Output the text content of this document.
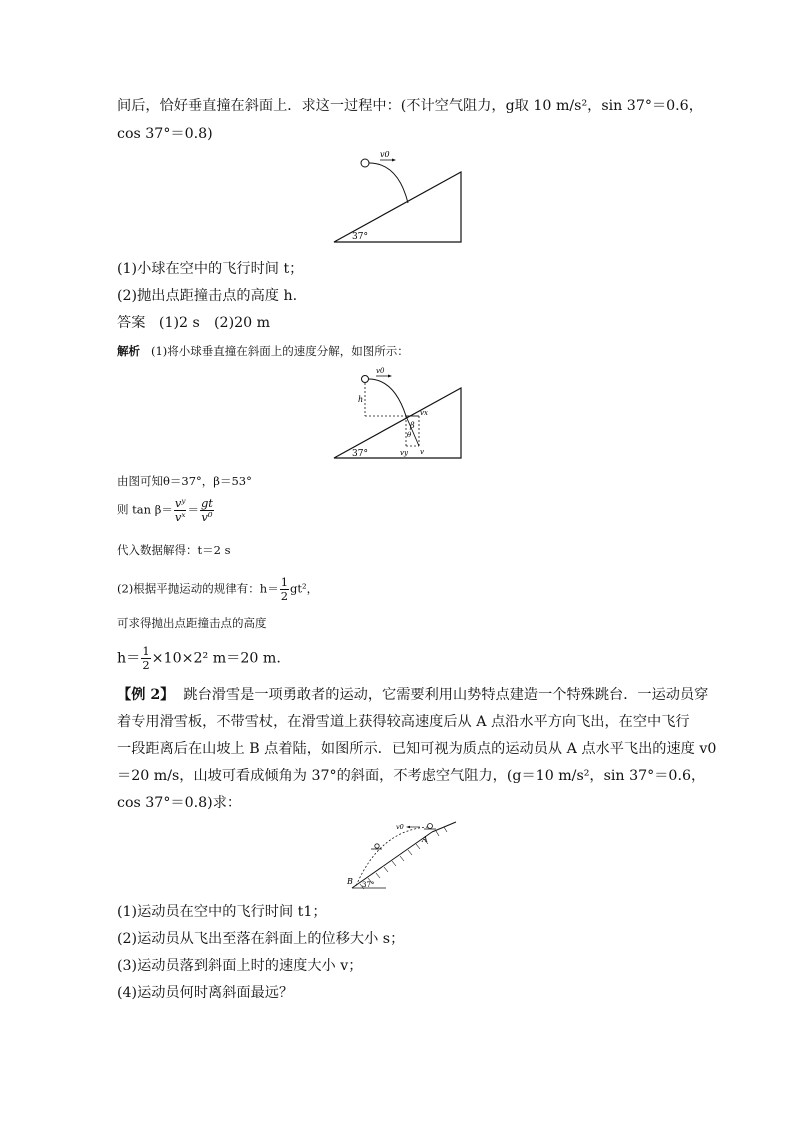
间后，恰好垂直撞在斜面上．求这一过程中：(不计空气阻力，g取 10 m/s²，sin 37°＝0.6，
cos 37°＝0.8)
v0
37°
(1)小球在空中的飞行时间 t；
(2)抛出点距撞击点的高度 h.
答案 (1)2 s　(2)20 m
解析 (1)将小球垂直撞在斜面上的速度分解，如图所示：
v0
h
vx
β
θ
vy v
37°
由图可知θ＝37°，β＝53°
则 $\tan \beta= \frac{\text{vʸ}}{\text{vˣ}} = \frac{gt}{\text{v⁰}}$
代入数据解得：t＝2 s
(2)根据平抛运动的规律有：$h= \frac{1}{2} gt^2$，
可求得抛出点距撞击点的高度
$h= \frac{1}{2} \times 10\times 2^2$ m＝20 m.
【例 2】 跳台滑雪是一项勇敢者的运动，它需要利用山势特点建造一个特殊跳台．一运动员穿
着专用滑雪板，不带雪杖，在滑雪道上获得较高速度后从 A 点沿水平方向飞出，在空中飞行
一段距离后在山坡上 B 点着陆，如图所示．已知可视为质点的运动员从 A 点水平飞出的速度 v0
＝20 m/s，山坡可看成倾角为 37°的斜面，不考虑空气阻力，(g＝10 m/s²，sin 37°＝0.6，
cos 37°＝0.8)求：
v0
A
B 37°
(1)运动员在空中的飞行时间 t1；
(2)运动员从飞出至落在斜面上的位移大小 s；
(3)运动员落到斜面上时的速度大小 v；
(4)运动员何时离斜面最远？
